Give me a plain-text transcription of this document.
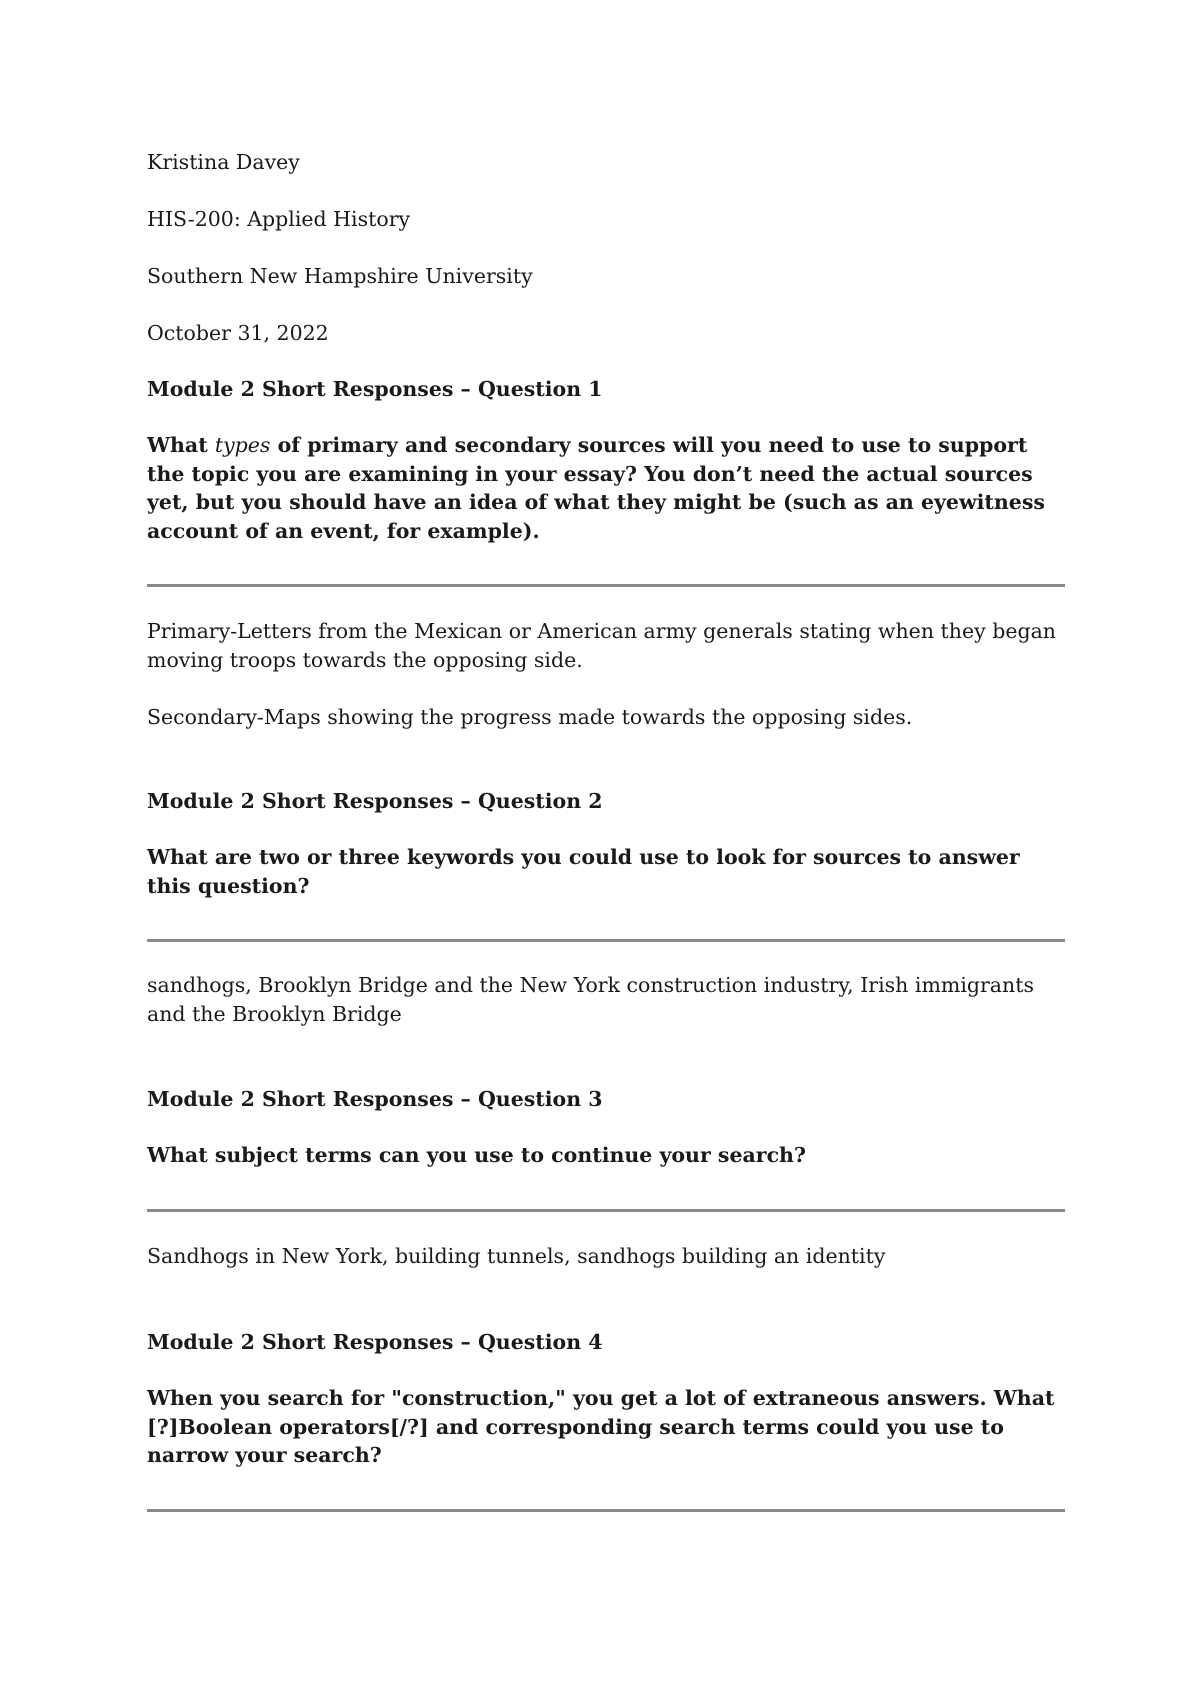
Kristina Davey

HIS-200: Applied History

Southern New Hampshire University

October 31, 2022

Module 2 Short Responses – Question 1

What types of primary and secondary sources will you need to use to support the topic you are examining in your essay? You don’t need the actual sources yet, but you should have an idea of what they might be (such as an eyewitness account of an event, for example).

Primary-Letters from the Mexican or American army generals stating when they began moving troops towards the opposing side.

Secondary-Maps showing the progress made towards the opposing sides.

Module 2 Short Responses – Question 2

What are two or three keywords you could use to look for sources to answer this question?

sandhogs, Brooklyn Bridge and the New York construction industry, Irish immigrants and the Brooklyn Bridge

Module 2 Short Responses – Question 3

What subject terms can you use to continue your search?

Sandhogs in New York, building tunnels, sandhogs building an identity

Module 2 Short Responses – Question 4

When you search for "construction," you get a lot of extraneous answers. What [?]Boolean operators[/?] and corresponding search terms could you use to narrow your search?
